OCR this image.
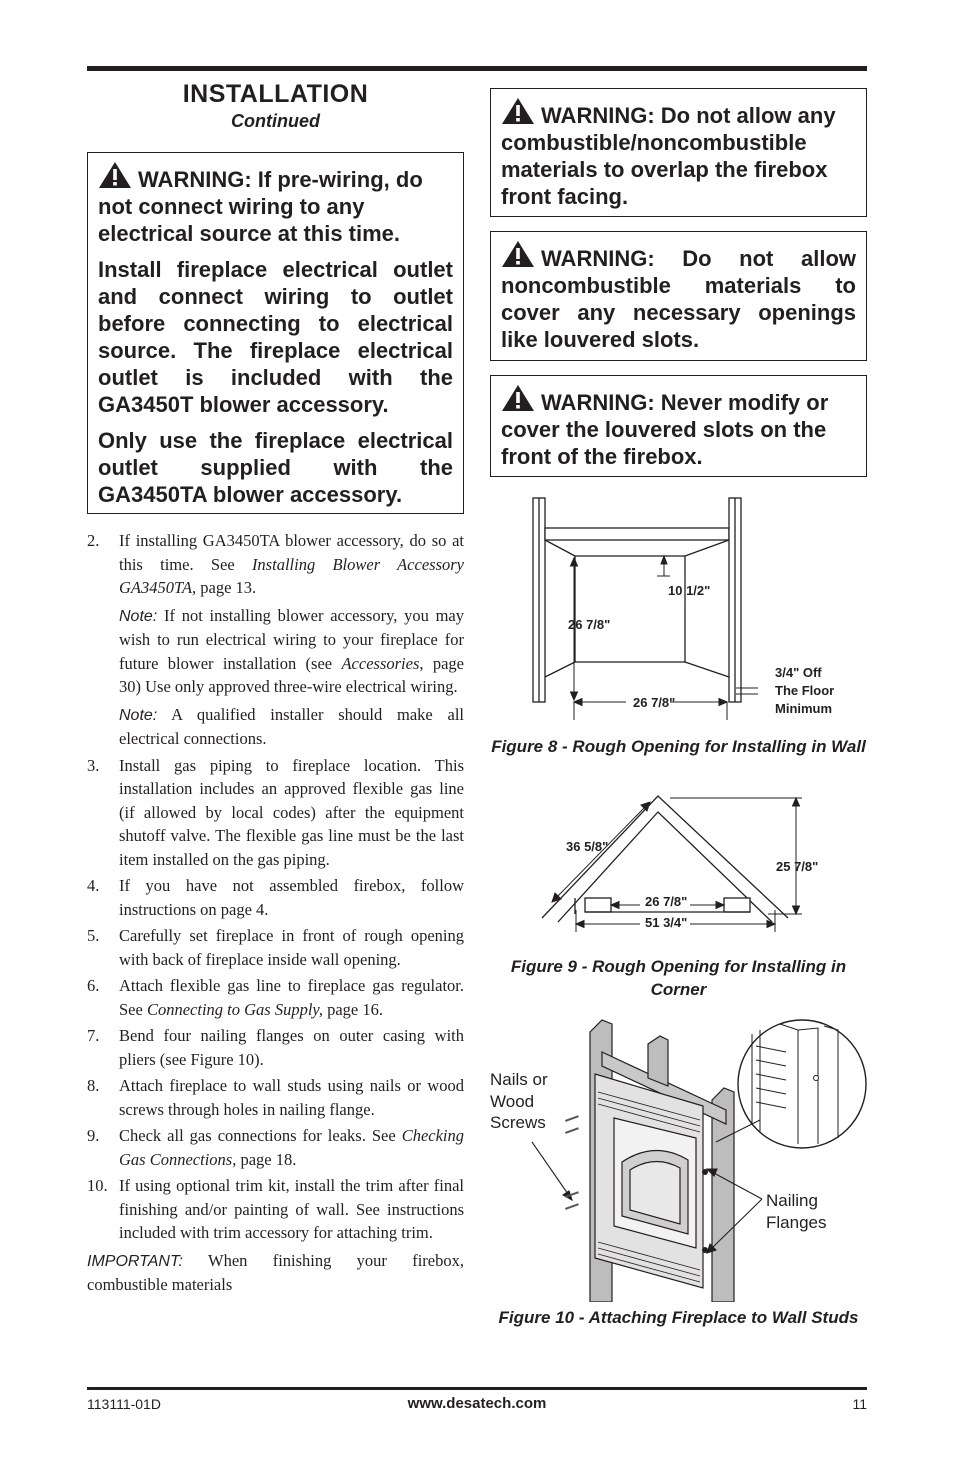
INSTALLATION
Continued

WARNING: If pre-wiring, do not connect wiring to any electrical source at this time.

Install fireplace electrical outlet and connect wiring to outlet before connecting to electrical source. The fireplace electrical outlet is included with the GA3450T blower accessory.

Only use the fireplace electrical outlet supplied with the GA3450TA blower accessory.

WARNING: Do not allow any combustible/noncombustible materials to overlap the firebox front facing.
WARNING: Do not allow noncombustible materials to cover any necessary openings like louvered slots.
WARNING: Never modify or cover the louvered slots on the front of the firebox.
2.	If installing GA3450TA blower accessory, do so at this time. See Installing Blower Accessory GA3450TA, page 13.
Note: If not installing blower accessory, you may wish to run electrical wiring to your fireplace for future blower installation (see Accessories, page 30) Use only approved three-wire electrical wiring.
Note: A qualified installer should make all electrical connections.
3.	Install gas piping to fireplace location. This installation includes an approved flexible gas line (if allowed by local codes) after the equipment shutoff valve. The flexible gas line must be the last item installed on the gas piping.
4.	If you have not assembled firebox, follow instructions on page 4.
5.	Carefully set fireplace in front of rough opening with back of fireplace inside wall opening.
6.	Attach flexible gas line to fireplace gas regulator. See Connecting to Gas Supply, page 16.
7.	Bend four nailing flanges on outer casing with pliers (see Figure 10).
8.	Attach fireplace to wall studs using nails or wood screws through holes in nailing flange.
9.	Check all gas connections for leaks. See Checking Gas Connections, page 18.
10. If using optional trim kit, install the trim after final finishing and/or painting of wall. See instructions included with trim accessory for attaching trim.
IMPORTANT: When finishing your firebox, combustible materials
10 1/2"
26 7/8"
26 7/8"
3/4" Off
The Floor
Minimum
Figure 8 - Rough Opening for Installing in Wall
36 5/8"
25 7/8"
26 7/8"
51 3/4"
Figure 9 - Rough Opening for Installing in Corner
Nails or
Wood
Screws
Nailing
Flanges
Figure 10 - Attaching Fireplace to Wall Studs
113111-01D	www.desatech.com	11
